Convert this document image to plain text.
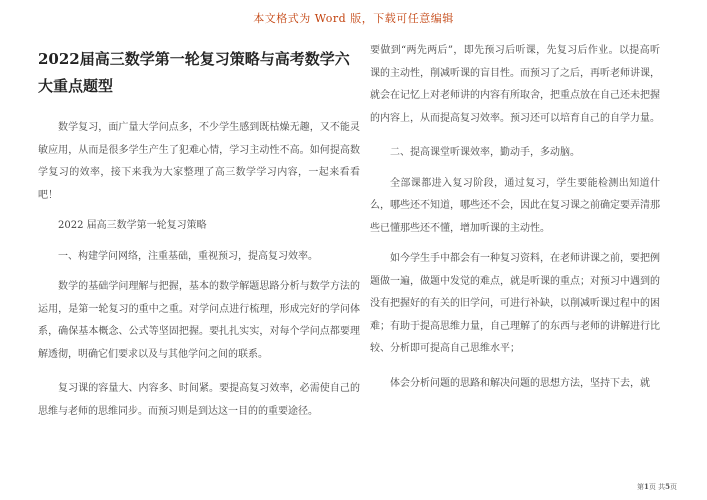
本文格式为 Word 版，下载可任意编辑
2022届高三数学第一轮复习策略与高考数学六大重点题型
数学复习，面广量大学问点多，不少学生感到既枯燥无趣，又不能灵敏应用，从而是很多学生产生了犯难心情，学习主动性不高。如何提高数学复习的效率，接下来我为大家整理了高三数学学习内容，一起来看看吧！
2022 届高三数学第一轮复习策略
一、构建学问网络，注重基础，重视预习，提高复习效率。
数学的基础学问理解与把握，基本的数学解题思路分析与数学方法的运用，是第一轮复习的重中之重。对学问点进行梳理，形成完好的学问体系，确保基本概念、公式等坚固把握。要扎扎实实，对每个学问点都要理解透彻，明确它们要求以及与其他学问之间的联系。
复习课的容量大、内容多、时间紧。要提高复习效率，必需使自己的思维与老师的思维同步。而预习则是到达这一目的的重要途径。
要做到“两先两后”，即先预习后听课，先复习后作业。以提高听课的主动性，削减听课的盲目性。而预习了之后，再听老师讲课，就会在记忆上对老师讲的内容有所取舍，把重点放在自己还未把握的内容上，从而提高复习效率。预习还可以培育自己的自学力量。
二、提高课堂听课效率，勤动手，多动脑。
全部课都进入复习阶段，通过复习，学生要能检测出知道什么，哪些还不知道，哪些还不会，因此在复习课之前确定要弄清那些已懂那些还不懂，增加听课的主动性。
如今学生手中都会有一种复习资料，在老师讲课之前，要把例题做一遍，做题中发觉的难点，就是听课的重点；对预习中遇到的没有把握好的有关的旧学问，可进行补缺，以削减听课过程中的困难；有助于提高思维力量，自己理解了的东西与老师的讲解进行比较、分析即可提高自己思维水平；
体会分析问题的思路和解决问题的思想方法，坚持下去，就
第1页 共5页
